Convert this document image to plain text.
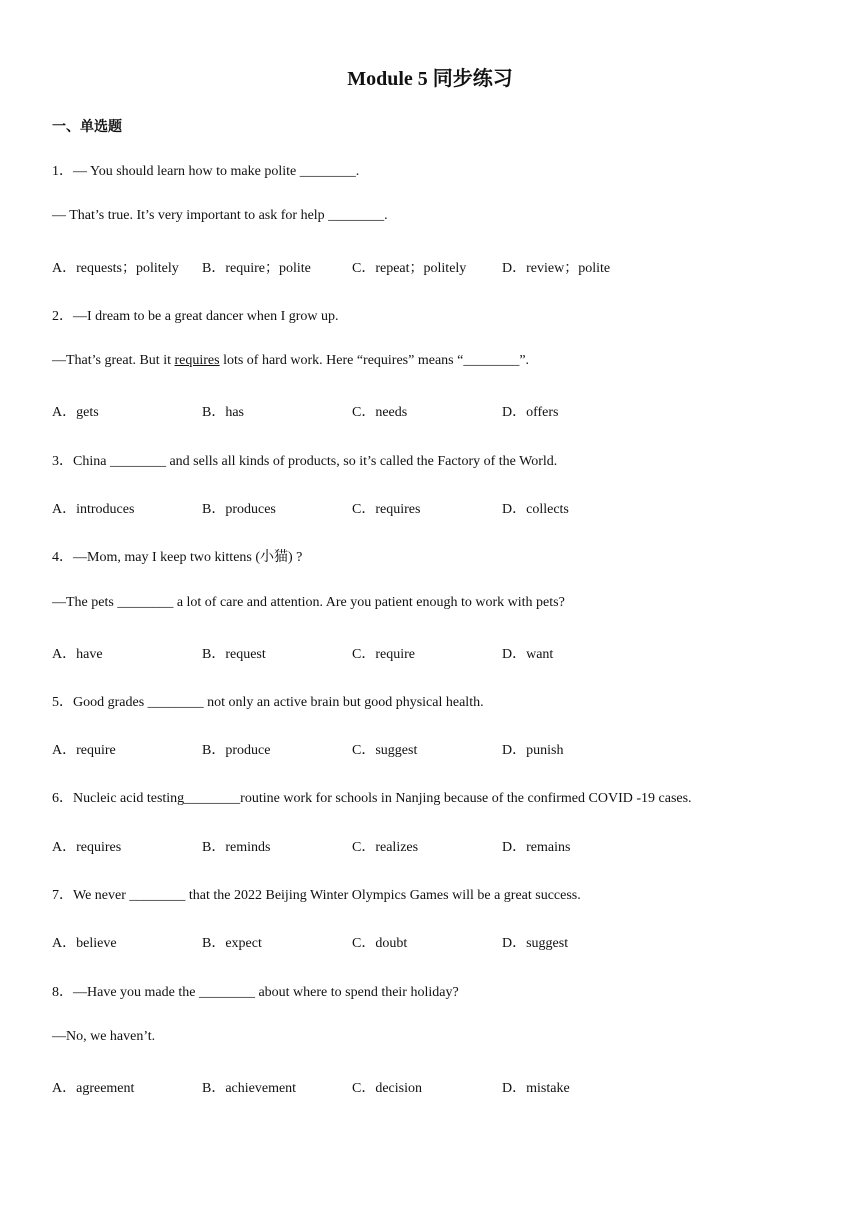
Module 5 同步练习
一、单选题
1．— You should learn how to make polite ________.
— That’s true. It’s very important to ask for help ________.
A．requests；politely B．require；polite	C．repeat；politely	D．review；polite
2．—I dream to be a great dancer when I grow up.
—That’s great. But it requires lots of hard work. Here “requires” means “________”.
A．gets	B．has	C．needs	D．offers
3．China ________ and sells all kinds of products, so it’s called the Factory of the World.
A．introduces	B．produces	C．requires	D．collects
4．—Mom, may I keep two kittens (小猫) ?
—The pets ________ a lot of care and attention. Are you patient enough to work with pets?
A．have	B．request	C．require	D．want
5．Good grades ________ not only an active brain but good physical health.
A．require	B．produce	C．suggest	D．punish
6．Nucleic acid testing________routine work for schools in Nanjing because of the confirmed COVID -19 cases.
A．requires	B．reminds	C．realizes	D．remains
7．We never ________ that the 2022 Beijing Winter Olympics Games will be a great success.
A．believe	B．expect	C．doubt	D．suggest
8．—Have you made the ________ about where to spend their holiday?
—No, we haven’t.
A．agreement	B．achievement	C．decision	D．mistake
